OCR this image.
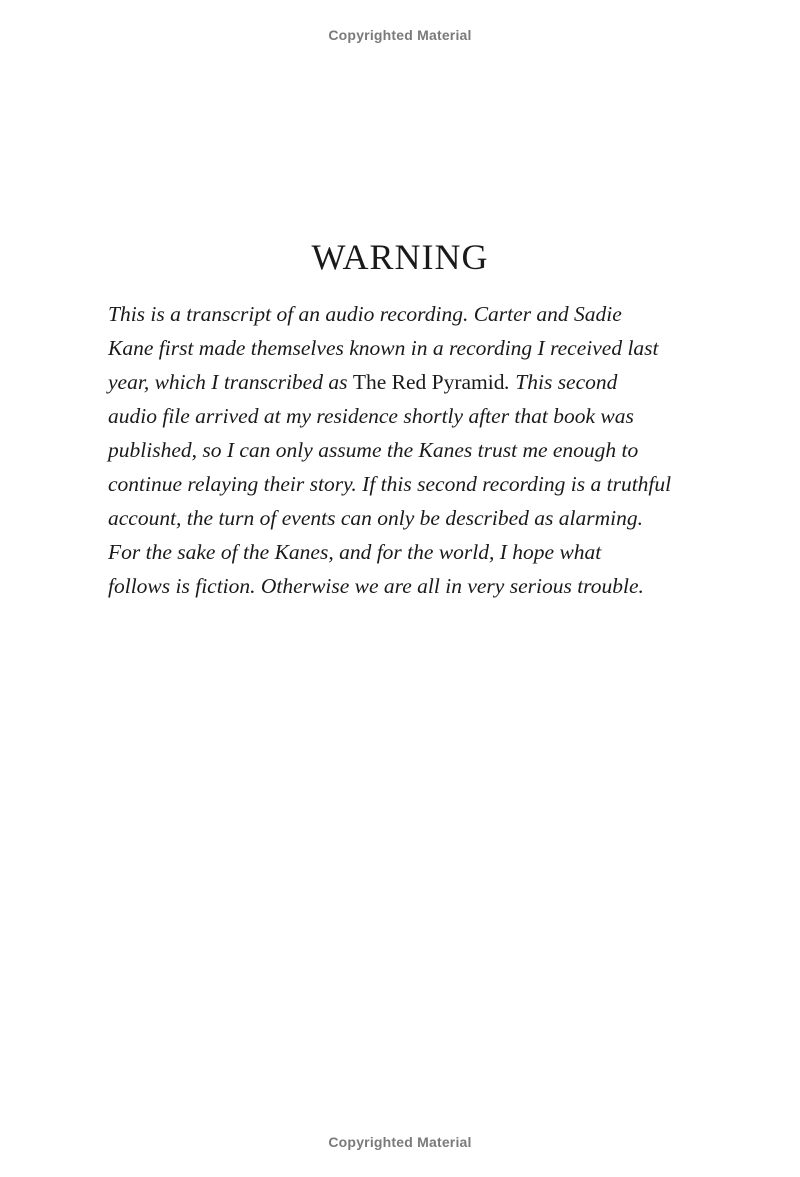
Copyrighted Material
WARNING

This is a transcript of an audio recording. Carter and Sadie
Kane first made themselves known in a recording I received last
year, which I transcribed as The Red Pyramid. This second
audio file arrived at my residence shortly after that book was
published, so I can only assume the Kanes trust me enough to
continue relaying their story. If this second recording is a truthful
account, the turn of events can only be described as alarming.
For the sake of the Kanes, and for the world, I hope what
follows is fiction. Otherwise we are all in very serious trouble.

Copyrighted Material
